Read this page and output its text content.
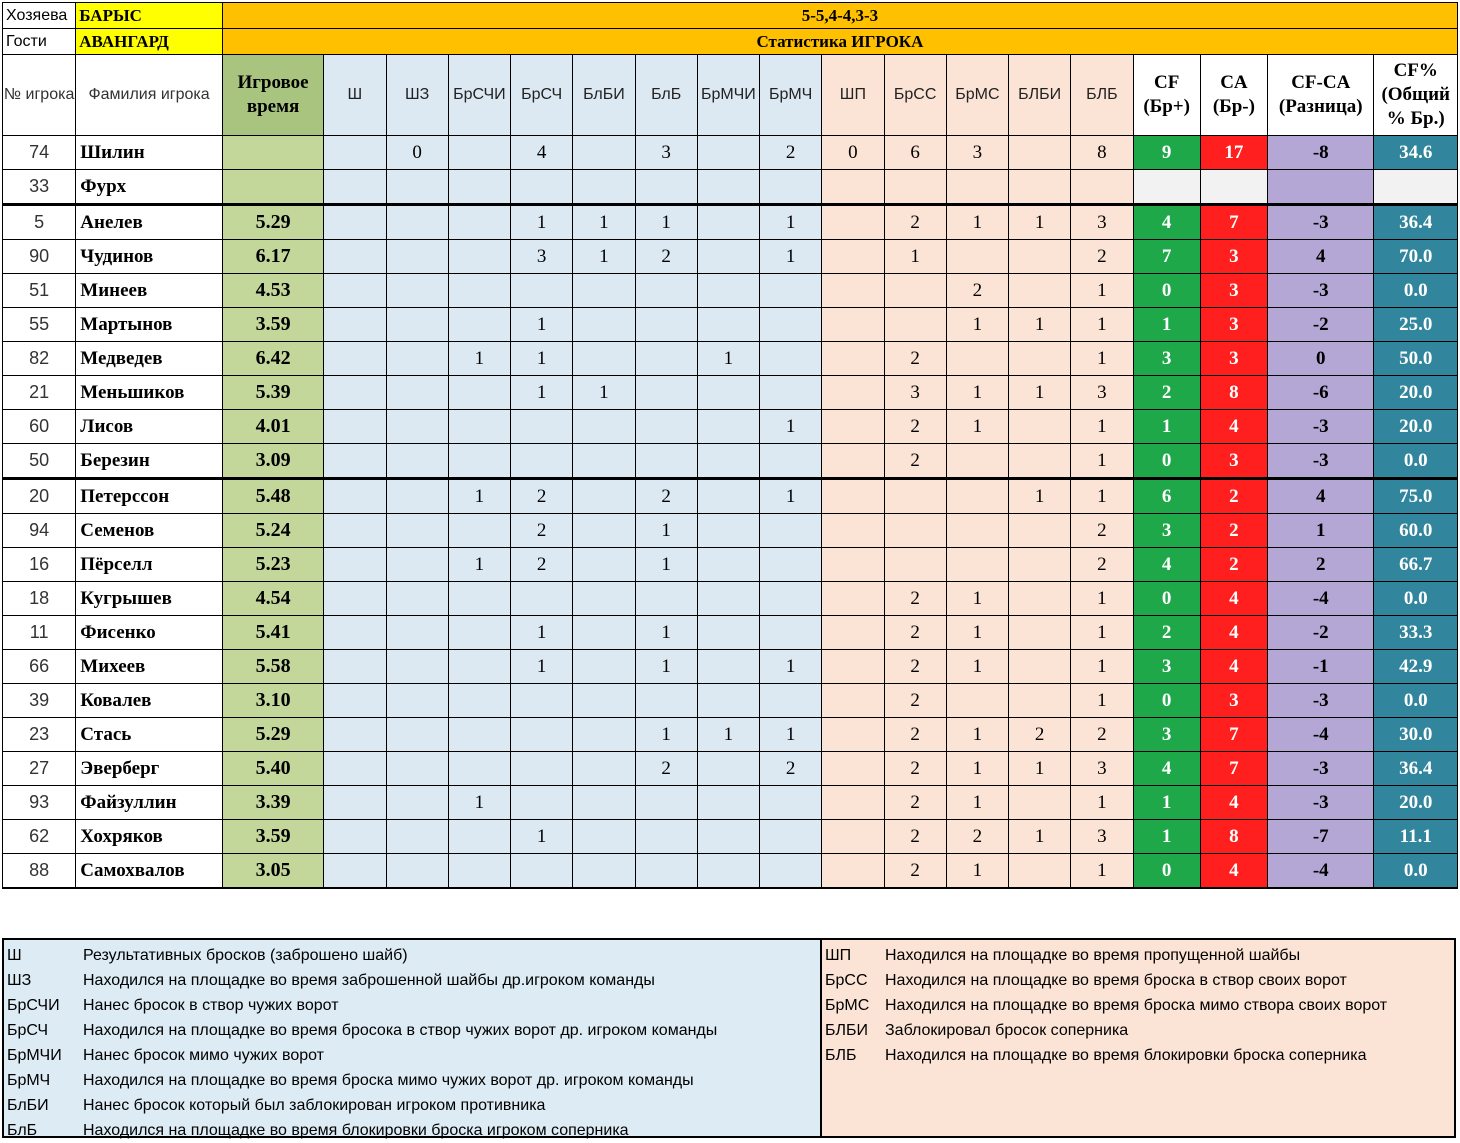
Хозяева	БАРЫС	5-5,4-4,3-3																	
Гости	АВАНГАРД	Статистика ИГРОКА																	
№ игрока	Фамилия игрока	Игровое время	Ш	ШЗ	БрСЧИ	БрСЧ	БлБИ	БлБ	БрМЧИ	БрМЧ	ШП	БрСС	БрМС	БЛБИ	БЛБ	CF (Бр+)	CA (Бр-)	CF-CA (Разница)	CF% (Общий % Бр.)
74	Шилин			0		4		3		2	0	6	3		8	9	17	-8	34.6
33	Фурх																		
5	Анелев	5.29				1	1	1		1		2	1	1	3	4	7	-3	36.4
90	Чудинов	6.17				3	1	2		1		1			2	7	3	4	70.0
51	Минеев	4.53											2		1	0	3	-3	0.0
55	Мартынов	3.59				1							1	1	1	1	3	-2	25.0
82	Медведев	6.42			1	1			1			2			1	3	3	0	50.0
21	Меньшиков	5.39				1	1					3	1	1	3	2	8	-6	20.0
60	Лисов	4.01								1		2	1		1	1	4	-3	20.0
50	Березин	3.09										2			1	0	3	-3	0.0
20	Петерссон	5.48			1	2		2		1				1	1	6	2	4	75.0
94	Семенов	5.24				2		1							2	3	2	1	60.0
16	Пёрселл	5.23			1	2		1							2	4	2	2	66.7
18	Кугрышев	4.54										2	1		1	0	4	-4	0.0
11	Фисенко	5.41				1		1				2	1		1	2	4	-2	33.3
66	Михеев	5.58				1		1		1		2	1		1	3	4	-1	42.9
39	Ковалев	3.10										2			1	0	3	-3	0.0
23	Стась	5.29						1	1	1		2	1	2	2	3	7	-4	30.0
27	Эверберг	5.40						2		2		2	1	1	3	4	7	-3	36.4
93	Файзуллин	3.39			1							2	1		1	1	4	-3	20.0
62	Хохряков	3.59				1						2	2	1	3	1	8	-7	11.1
88	Самохвалов	3.05										2	1		1	0	4	-4	0.0
Ш	Результативных бросков (заброшено шайб)
ШЗ	Находился на площадке во время заброшенной шайбы др.игроком команды
БрСЧИ	Нанес бросок в створ чужих ворот
БрСЧ	Находился на площадке во время бросока в створ чужих ворот др. игроком команды
БрМЧИ	Нанес бросок мимо чужих ворот
БрМЧ	Находился на площадке во время броска мимо чужих ворот др. игроком команды
БлБИ	Нанес бросок который был заблокирован игроком противника
БлБ	Находился на площадке во время блокировки броска игроком соперника
ШП	Находился на площадке во время пропущенной шайбы
БрСС	Находился на площадке во время броска в створ своих ворот
БрМС Находился на площадке во время броска мимо створа своих ворот
БЛБИ	Заблокировал бросок соперника
БЛБ	Находился на площадке во время блокировки броска соперника
